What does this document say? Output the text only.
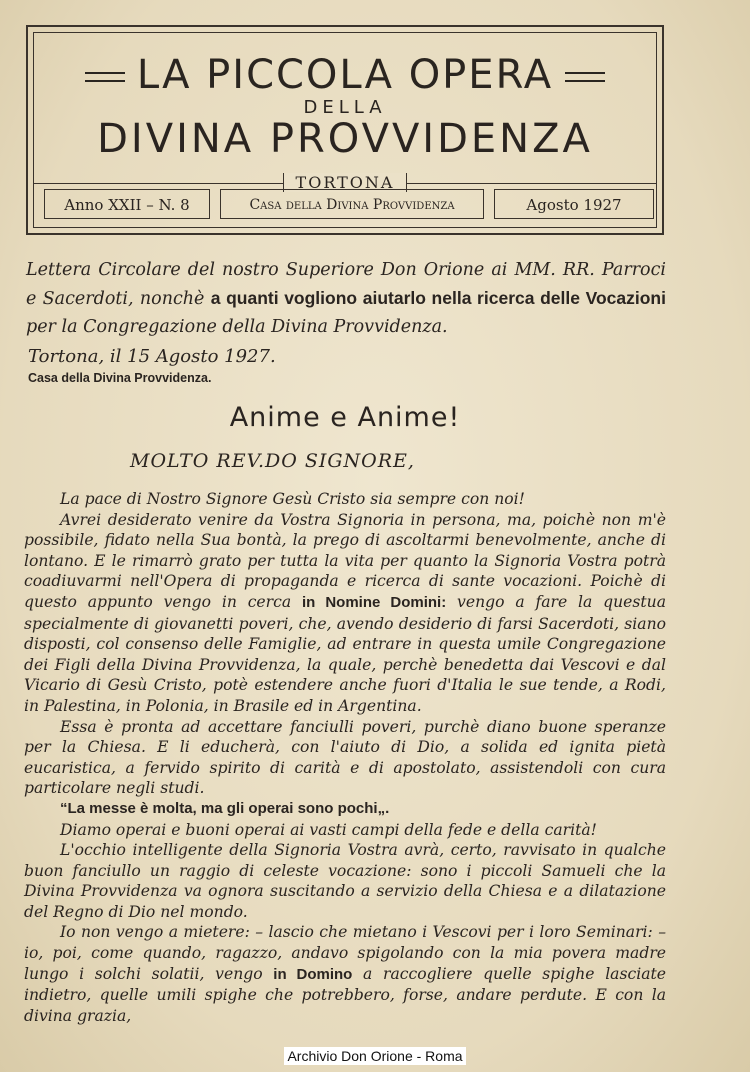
LA PICCOLA OPERA
DELLA
DIVINA PROVVIDENZA
TORTONA
Anno XXII – N. 8	Casa della Divina Provvidenza	Agosto 1927

Lettera Circolare del nostro Superiore Don Orione ai MM. RR. Parroci e Sacerdoti, nonchè a quanti vogliono aiutarlo nella ricerca delle Vocazioni per la Congregazione della Divina Provvidenza.

Tortona, il 15 Agosto 1927.
Casa della Divina Provvidenza.
Anime e Anime!
MOLTO REV.DO SIGNORE,

La pace di Nostro Signore Gesù Cristo sia sempre con noi!

Avrei desiderato venire da Vostra Signoria in persona, ma, poichè non m'è possibile, fidato nella Sua bontà, la prego di ascoltarmi benevolmente, anche di lontano. E le rimarrò grato per tutta la vita per quanto la Signoria Vostra potrà coadiuvarmi nell'Opera di propaganda e ricerca di sante vocazioni. Poichè di questo appunto vengo in cerca in Nomine Domini: vengo a fare la questua specialmente di giovanetti poveri, che, avendo desiderio di farsi Sacerdoti, siano disposti, col consenso delle Famiglie, ad entrare in questa umile Congregazione dei Figli della Divina Provvidenza, la quale, perchè benedetta dai Vescovi e dal Vicario di Gesù Cristo, potè estendere anche fuori d'Italia le sue tende, a Rodi, in Palestina, in Polonia, in Brasile ed in Argentina.

Essa è pronta ad accettare fanciulli poveri, purchè diano buone speranze per la Chiesa. E li educherà, con l'aiuto di Dio, a solida ed ignita pietà eucaristica, a fervido spirito di carità e di apostolato, assistendoli con cura particolare negli studi.

“La messe è molta, ma gli operai sono pochi„.

Diamo operai e buoni operai ai vasti campi della fede e della carità!

L'occhio intelligente della Signoria Vostra avrà, certo, ravvisato in qualche buon fanciullo un raggio di celeste vocazione: sono i piccoli Samueli che la Divina Provvidenza va ognora suscitando a servizio della Chiesa e a dilatazione del Regno di Dio nel mondo.

Io non vengo a mietere: – lascio che mietano i Vescovi per i loro Seminari: – io, poi, come quando, ragazzo, andavo spigolando con la mia povera madre lungo i solchi solatii, vengo in Domino a raccogliere quelle spighe lasciate indietro, quelle umili spighe che potrebbero, forse, andare perdute. E con la divina grazia,

Archivio Don Orione - Roma
